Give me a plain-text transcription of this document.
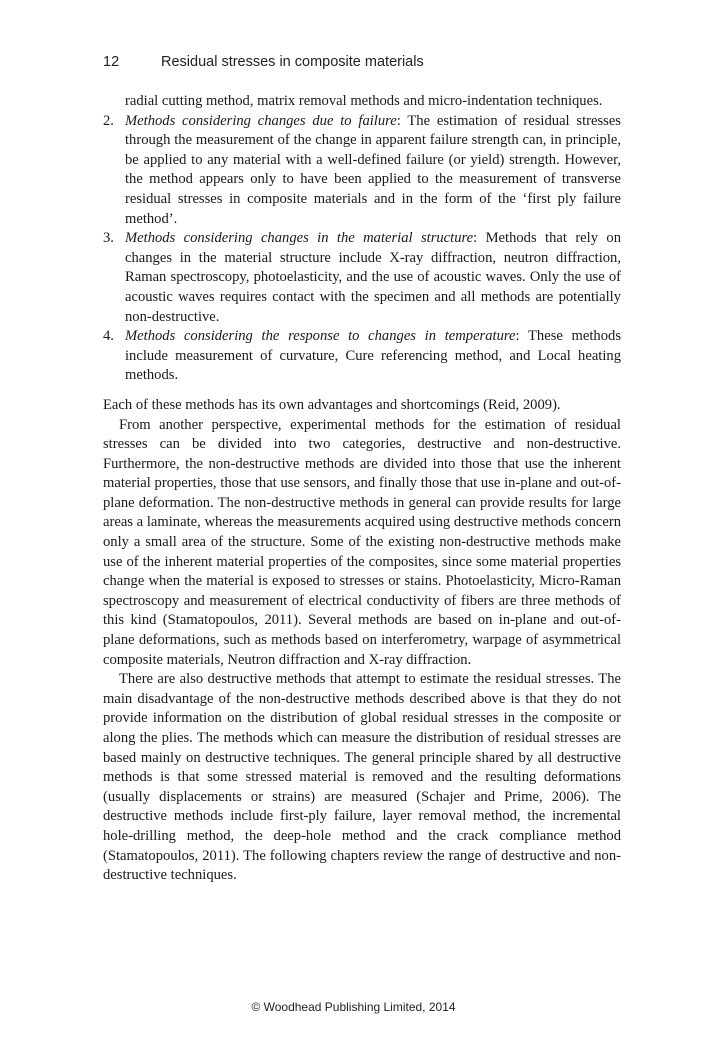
12	Residual stresses in composite materials

radial cutting method, matrix removal methods and micro-indentation techniques.

2. Methods considering changes due to failure: The estimation of residual stresses through the measurement of the change in apparent failure strength can, in principle, be applied to any material with a well-defined failure (or yield) strength. However, the method appears only to have been applied to the measurement of transverse residual stresses in composite materials and in the form of the ‘first ply failure method’.
3. Methods considering changes in the material structure: Methods that rely on changes in the material structure include X-ray diffraction, neutron diffraction, Raman spectroscopy, photoelasticity, and the use of acoustic waves. Only the use of acoustic waves requires contact with the specimen and all methods are potentially non-destructive.
4. Methods considering the response to changes in temperature: These methods include measurement of curvature, Cure referencing method, and Local heating methods.

Each of these methods has its own advantages and shortcomings (Reid, 2009).

From another perspective, experimental methods for the estimation of residual stresses can be divided into two categories, destructive and non-destructive. Furthermore, the non-destructive methods are divided into those that use the inherent material properties, those that use sensors, and finally those that use in-plane and out-of-plane deformation. The non-destructive methods in general can provide results for large areas a laminate, whereas the measurements acquired using destructive methods concern only a small area of the structure. Some of the existing non-destructive methods make use of the inherent material properties of the composites, since some material properties change when the material is exposed to stresses or stains. Photoelasticity, Micro-Raman spectroscopy and measurement of electrical conductivity of fibers are three methods of this kind (Stamatopoulos, 2011). Several methods are based on in-plane and out-of-plane deformations, such as methods based on interferometry, warpage of asymmetrical composite materials, Neutron diffraction and X-ray diffraction.

There are also destructive methods that attempt to estimate the residual stresses. The main disadvantage of the non-destructive methods described above is that they do not provide information on the distribution of global residual stresses in the composite or along the plies. The methods which can measure the distribution of residual stresses are based mainly on destructive techniques. The general principle shared by all destructive methods is that some stressed material is removed and the resulting deformations (usually displacements or strains) are measured (Schajer and Prime, 2006). The destructive methods include first-ply failure, layer removal method, the incremental hole-drilling method, the deep-hole method and the crack compliance method (Stamatopoulos, 2011). The following chapters review the range of destructive and non-destructive techniques.

© Woodhead Publishing Limited, 2014
